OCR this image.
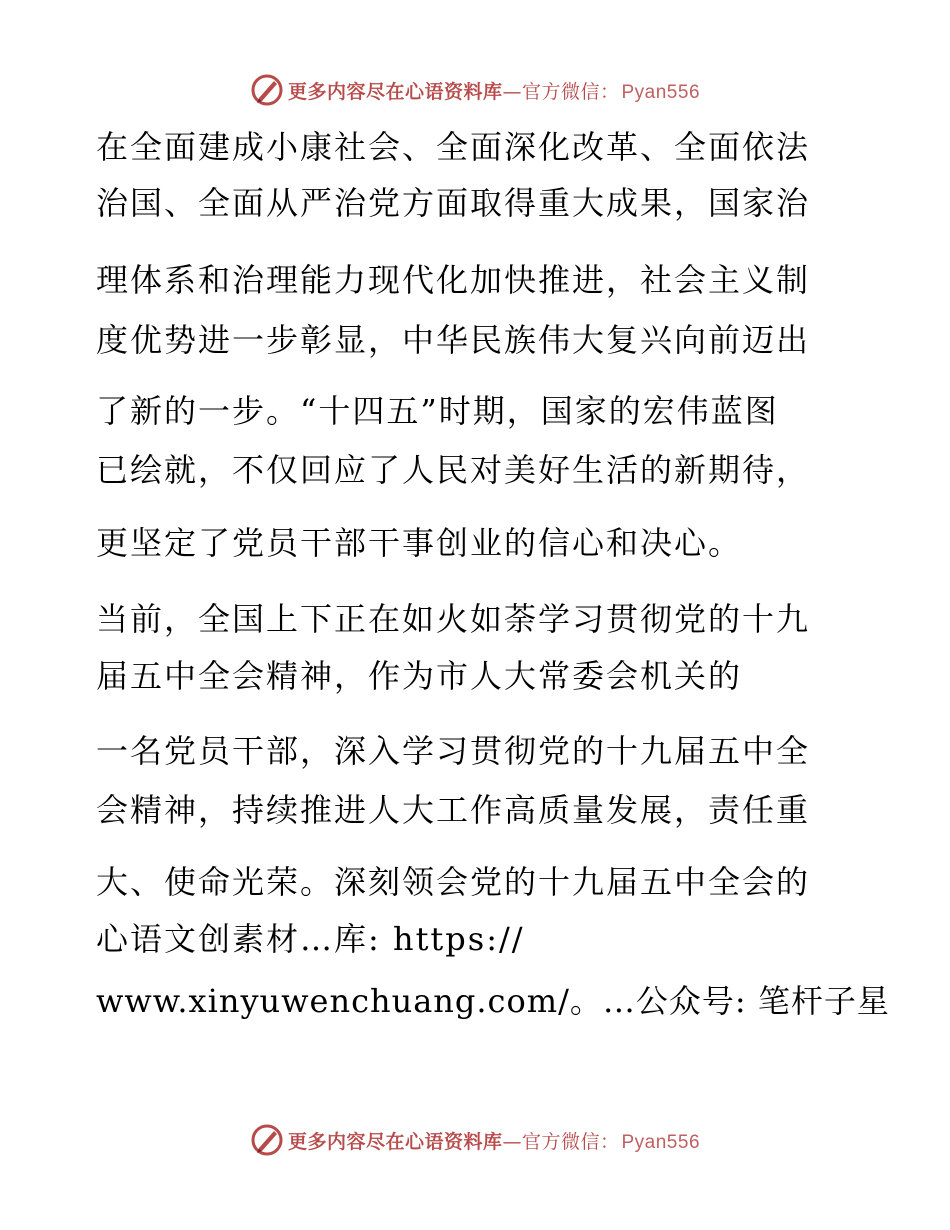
更多内容尽在心语资料库—官方微信： Pyan556
在全面建成小康社会、全面深化改革、全面依法
治国、全面从严治党方面取得重大成果，国家治
理体系和治理能力现代化加快推进，社会主义制
度优势进一步彰显，中华民族伟大复兴向前迈出
了新的一步。“十四五”时期，国家的宏伟蓝图
已绘就，不仅回应了人民对美好生活的新期待，
更坚定了党员干部干事创业的信心和决心。
当前，全国上下正在如火如荼学习贯彻党的十九
届五中全会精神，作为市人大常委会机关的
一名党员干部，深入学习贯彻党的十九届五中全
会精神，持续推进人大工作高质量发展，责任重
大、使命光荣。深刻领会党的十九届五中全会的
心语文创素材…库: https://
www.xinyuwenchuang.com/。…公众号: 笔杆子星
更多内容尽在心语资料库—官方微信： Pyan556
